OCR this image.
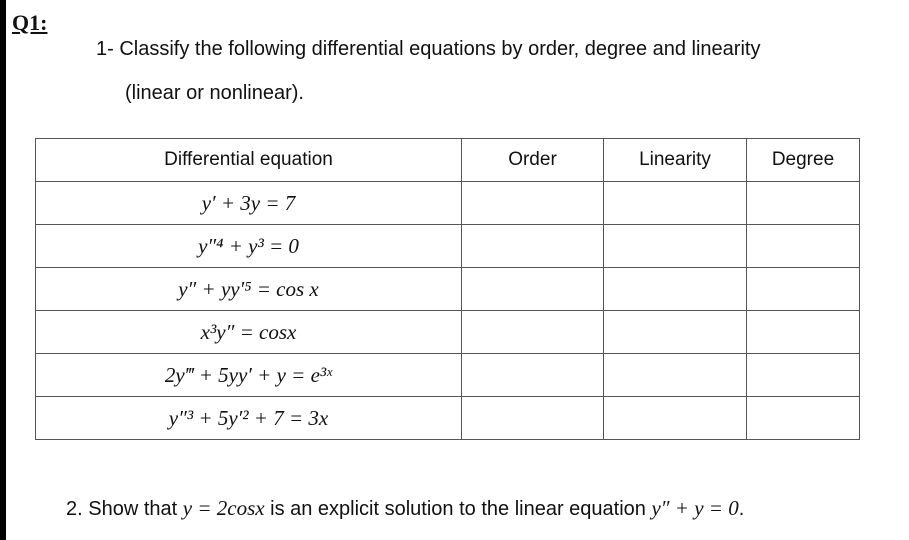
Q1:
1- Classify the following differential equations by order, degree and linearity
(linear or nonlinear).
Differential equation	Order	Linearity	Degree
y′ + 3y = 7			
y″⁴ + y³ = 0			
y″ + yy′⁵ = cos x			
x³y″ = cosx			
2y‴ + 5yy′ + y = e³ˣ			
y″³ + 5y′² + 7 = 3x			
2. Show that y = 2cosx is an explicit solution to the linear equation y″ + y = 0.
